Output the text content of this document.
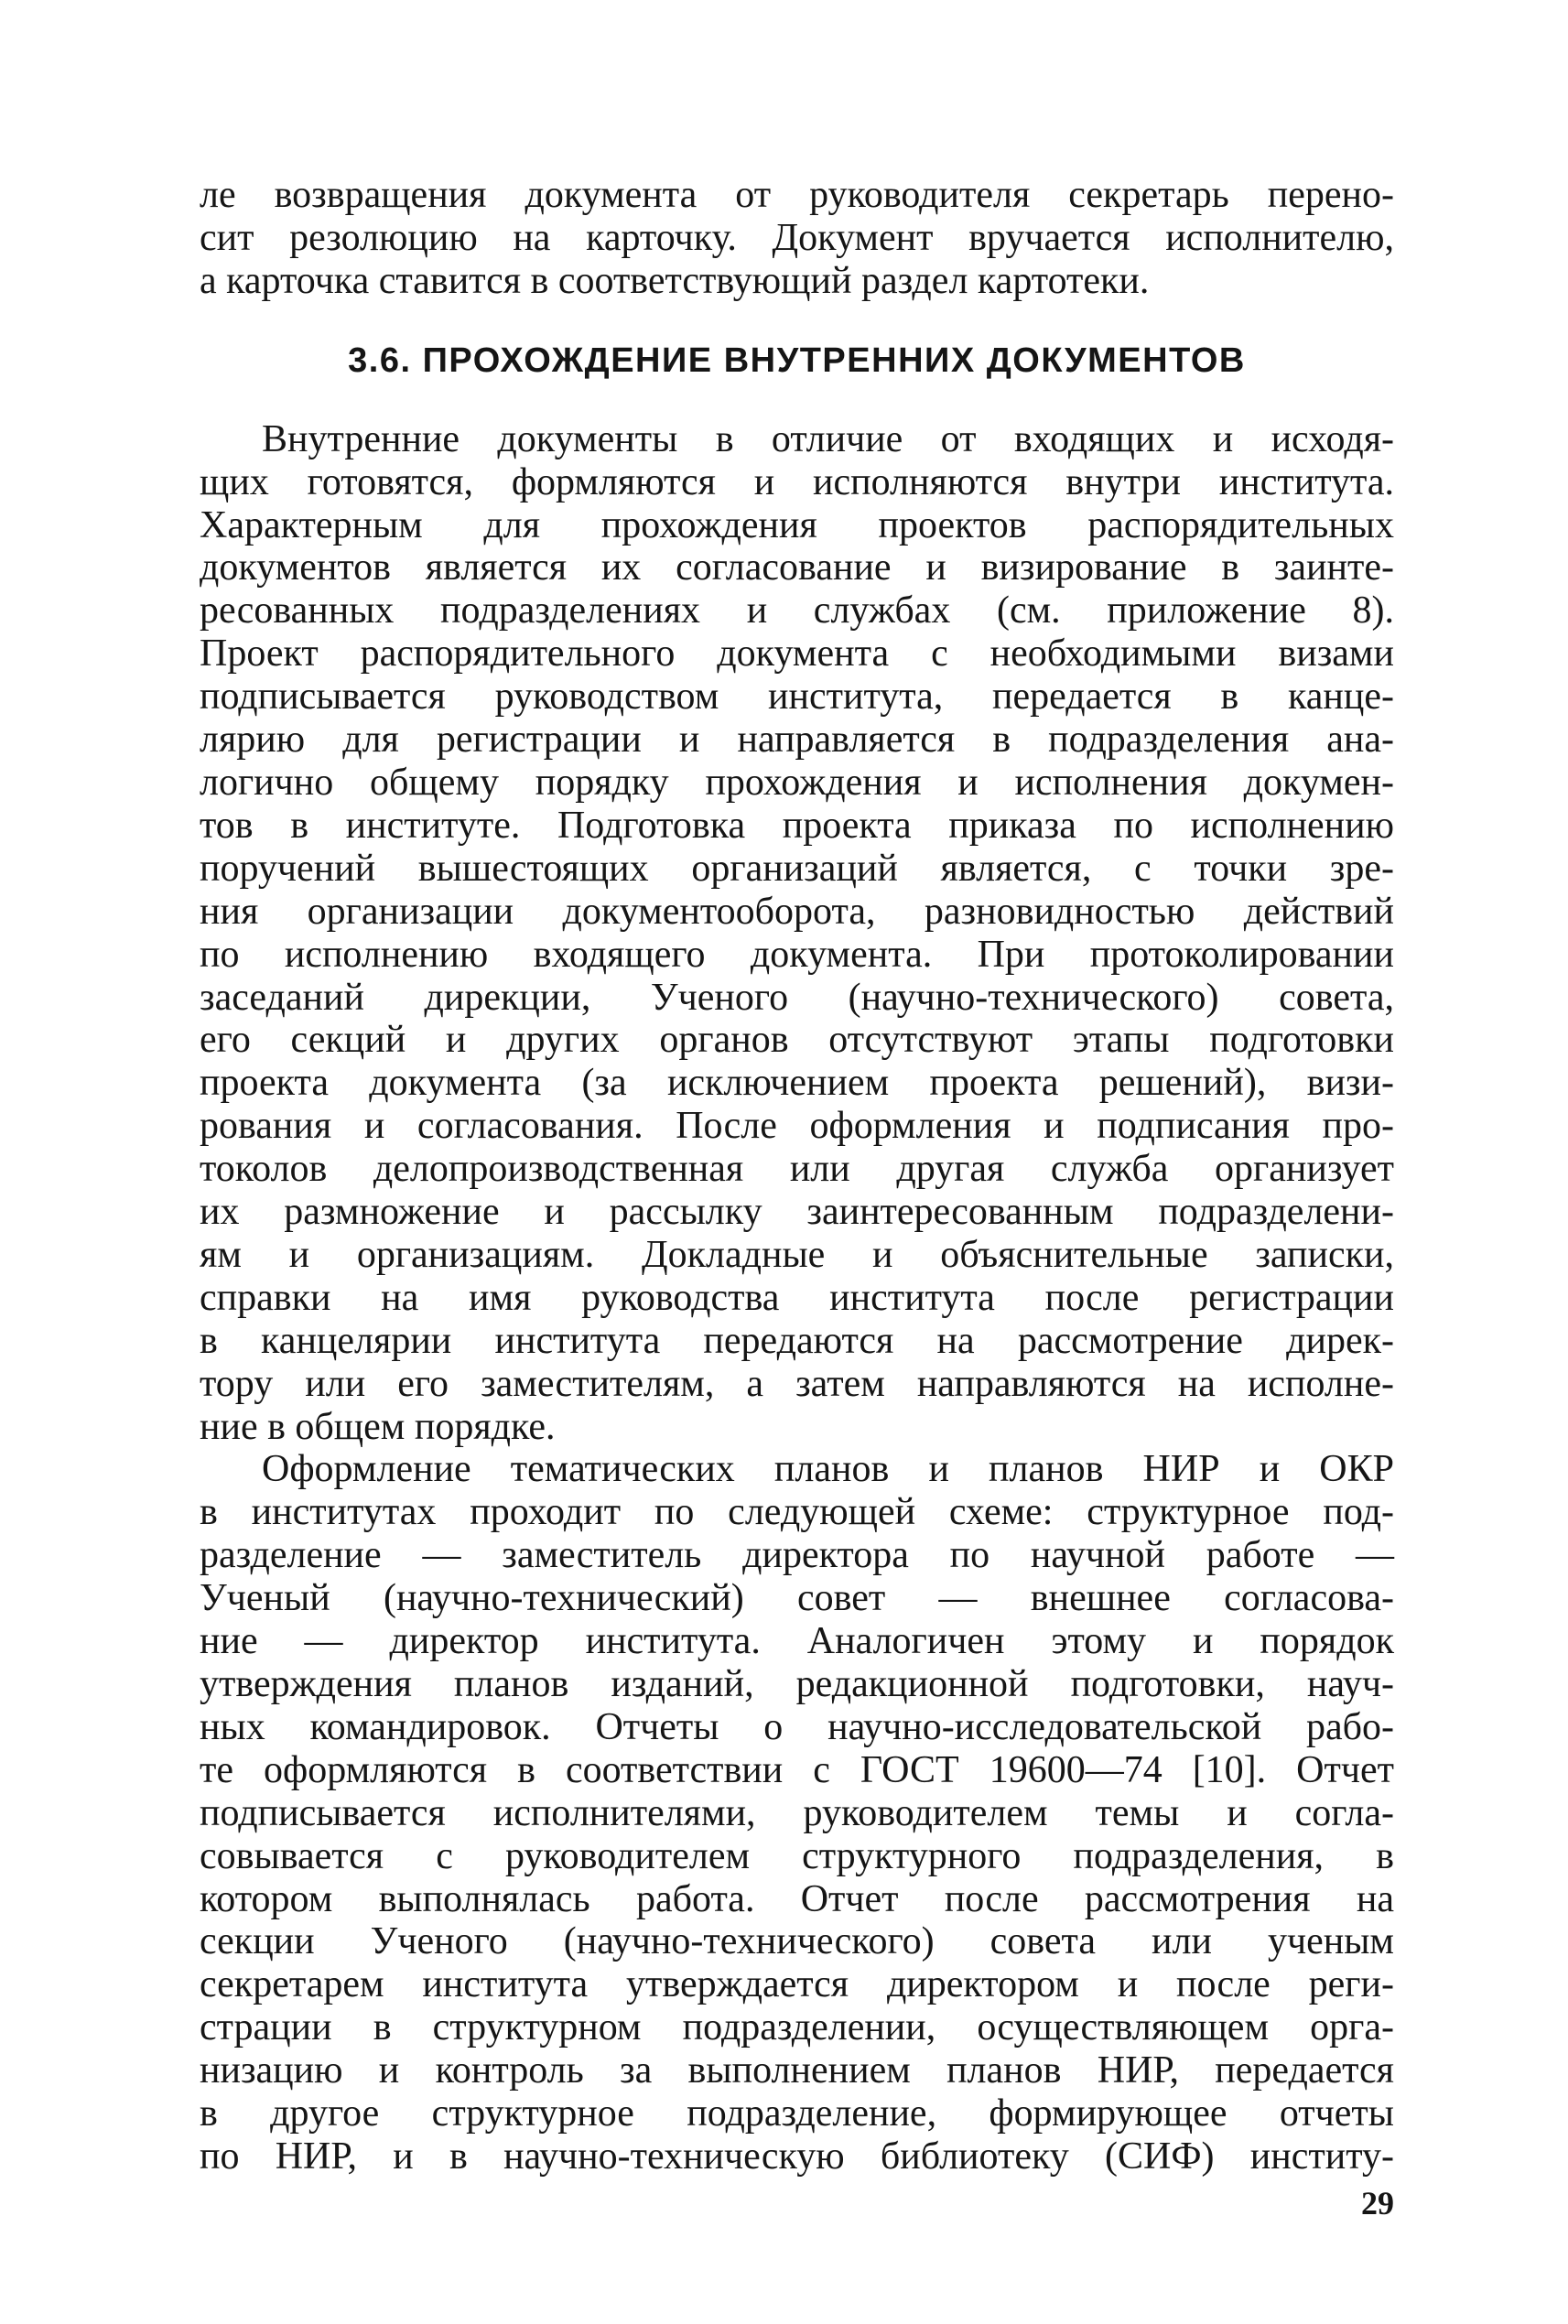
ле возвращения документа от руководителя секретарь перено-
сит резолюцию на карточку. Документ вручается исполнителю,
а карточка ставится в соответствующий раздел картотеки.
3.6. ПРОХОЖДЕНИЕ ВНУТРЕННИХ ДОКУМЕНТОВ
Внутренние документы в отличие от входящих и исходя-
щих готовятся, формляются и исполняются внутри института.
Характерным для прохождения проектов распорядительных
документов является их согласование и визирование в заинте-
ресованных подразделениях и службах (см. приложение 8).
Проект распорядительного документа с необходимыми визами
подписывается руководством института, передается в канце-
лярию для регистрации и направляется в подразделения ана-
логично общему порядку прохождения и исполнения докумен-
тов в институте. Подготовка проекта приказа по исполнению
поручений вышестоящих организаций является, с точки зре-
ния организации документооборота, разновидностью действий
по исполнению входящего документа. При протоколировании
заседаний дирекции, Ученого (научно-технического) совета,
его секций и других органов отсутствуют этапы подготовки
проекта документа (за исключением проекта решений), визи-
рования и согласования. После оформления и подписания про-
токолов делопроизводственная или другая служба организует
их размножение и рассылку заинтересованным подразделени-
ям и организациям. Докладные и объяснительные записки,
справки на имя руководства института после регистрации
в канцелярии института передаются на рассмотрение дирек-
тору или его заместителям, а затем направляются на исполне-
ние в общем порядке.
Оформление тематических планов и планов НИР и ОКР
в институтах проходит по следующей схеме: структурное под-
разделение — заместитель директора по научной работе —
Ученый (научно-технический) совет — внешнее согласова-
ние — директор института. Аналогичен этому и порядок
утверждения планов изданий, редакционной подготовки, науч-
ных командировок. Отчеты о научно-исследовательской рабо-
те оформляются в соответствии с ГОСТ 19600—74 [10]. Отчет
подписывается исполнителями, руководителем темы и согла-
совывается с руководителем структурного подразделения, в
котором выполнялась работа. Отчет после рассмотрения на
секции Ученого (научно-технического) совета или ученым
секретарем института утверждается директором и после реги-
страции в структурном подразделении, осуществляющем орга-
низацию и контроль за выполнением планов НИР, передается
в другое структурное подразделение, формирующее отчеты
по НИР, и в научно-техническую библиотеку (СИФ) институ-
29
